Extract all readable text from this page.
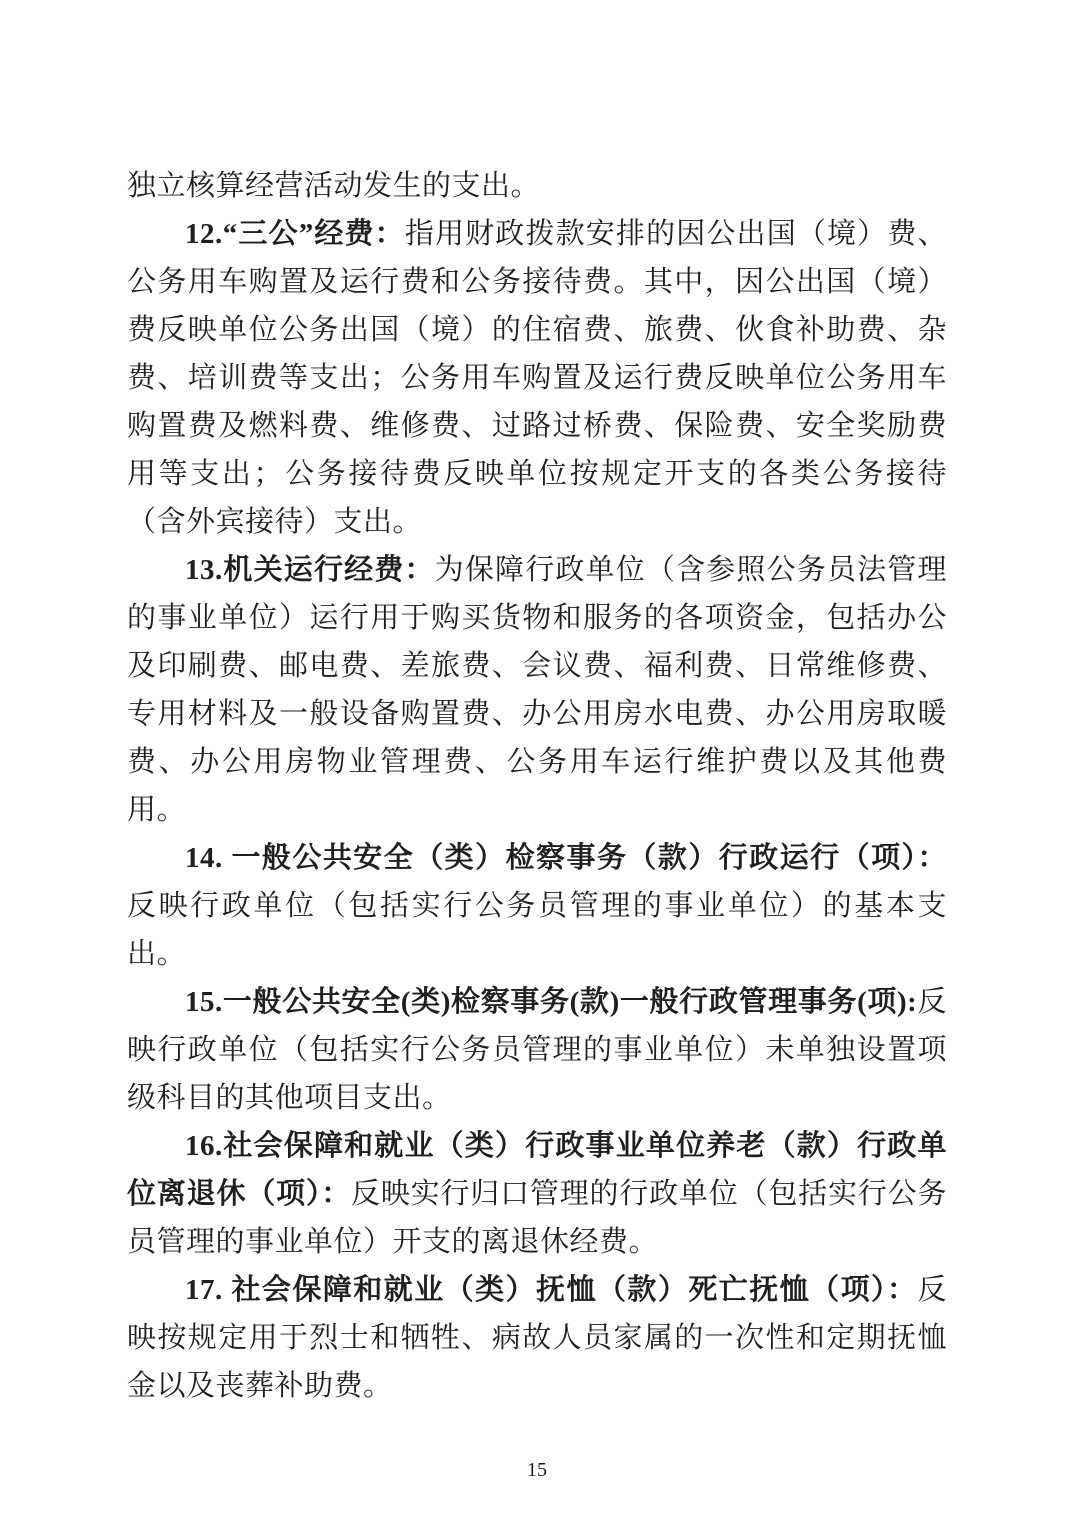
独立核算经营活动发生的支出。

12.“三公”经费：指用财政拨款安排的因公出国（境）费、公务用车购置及运行费和公务接待费。其中，因公出国（境）费反映单位公务出国（境）的住宿费、旅费、伙食补助费、杂费、培训费等支出；公务用车购置及运行费反映单位公务用车购置费及燃料费、维修费、过路过桥费、保险费、安全奖励费用等支出；公务接待费反映单位按规定开支的各类公务接待（含外宾接待）支出。

13.机关运行经费：为保障行政单位（含参照公务员法管理的事业单位）运行用于购买货物和服务的各项资金，包括办公及印刷费、邮电费、差旅费、会议费、福利费、日常维修费、专用材料及一般设备购置费、办公用房水电费、办公用房取暖费、办公用房物业管理费、公务用车运行维护费以及其他费用。

14. 一般公共安全（类）检察事务（款）行政运行（项）：反映行政单位（包括实行公务员管理的事业单位）的基本支出。

15.一般公共安全(类)检察事务(款)一般行政管理事务(项):反映行政单位（包括实行公务员管理的事业单位）未单独设置项级科目的其他项目支出。

16.社会保障和就业（类）行政事业单位养老（款）行政单位离退休（项）：反映实行归口管理的行政单位（包括实行公务员管理的事业单位）开支的离退休经费。

17. 社会保障和就业（类）抚恤（款）死亡抚恤（项）：反映按规定用于烈士和牺牲、病故人员家属的一次性和定期抚恤金以及丧葬补助费。

15
